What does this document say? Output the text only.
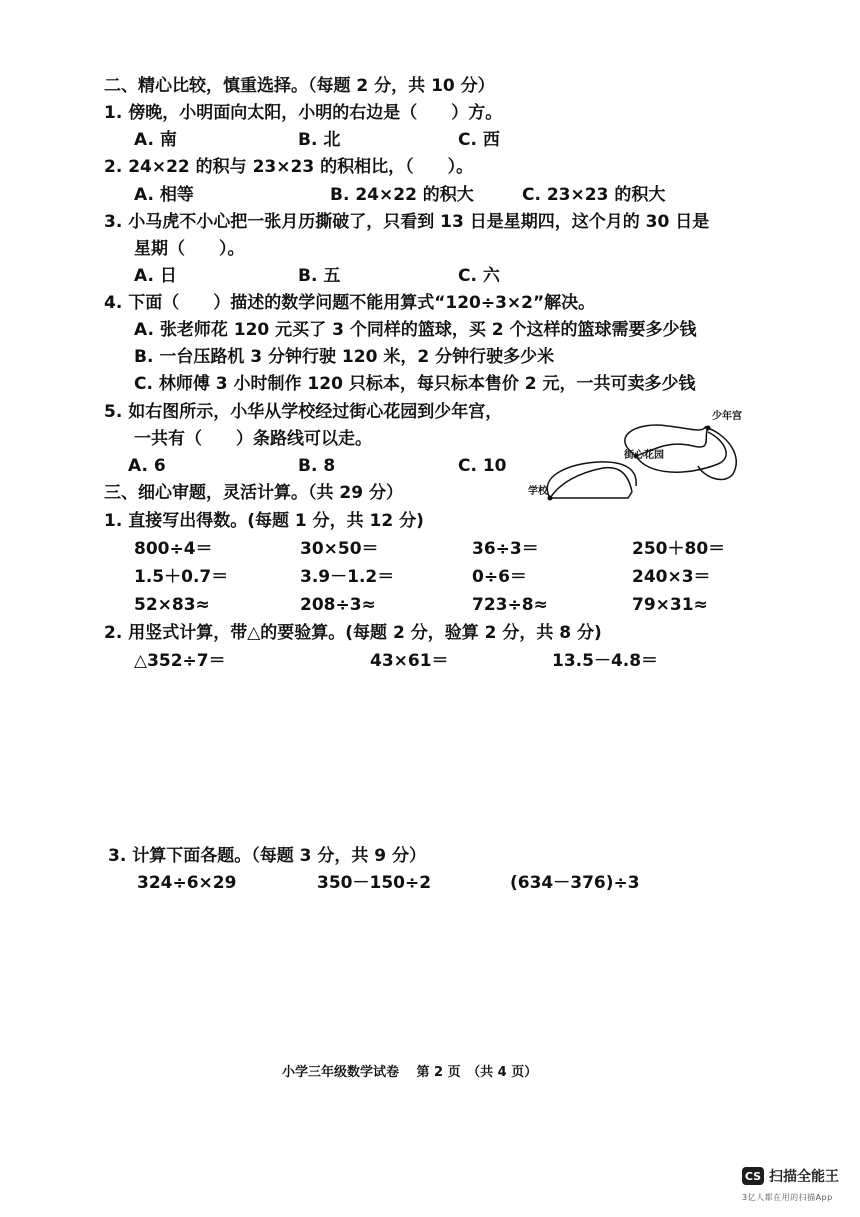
二、精心比较，慎重选择。（每题 2 分，共 10 分）
1. 傍晚，小明面向太阳，小明的右边是（　　）方。
A. 南	B. 北	C. 西
2. 24×22 的积与 23×23 的积相比，（　　）。
A. 相等	B. 24×22 的积大	C. 23×23 的积大
3. 小马虎不小心把一张月历撕破了，只看到 13 日是星期四，这个月的 30 日是
星期（　　）。
A. 日	B. 五	C. 六
4. 下面（　　）描述的数学问题不能用算式“120÷3×2”解决。
A. 张老师花 120 元买了 3 个同样的篮球，买 2 个这样的篮球需要多少钱
B. 一台压路机 3 分钟行驶 120 米，2 分钟行驶多少米
C. 林师傅 3 小时制作 120 只标本，每只标本售价 2 元，一共可卖多少钱
5. 如右图所示，小华从学校经过街心花园到少年宫，
一共有（　　）条路线可以走。
A. 6	B. 8	C. 10
学校
街心花园
少年宫
三、细心审题，灵活计算。（共 29 分）
1. 直接写出得数。(每题 1 分，共 12 分)
800÷4＝	30×50＝	36÷3＝	250＋80＝
1.5＋0.7＝	3.9－1.2＝	0÷6＝	240×3＝
52×83≈	208÷3≈	723÷8≈	79×31≈
2. 用竖式计算，带△的要验算。(每题 2 分，验算 2 分，共 8 分)
△352÷7＝	43×61＝	13.5－4.8＝
3. 计算下面各题。（每题 3 分，共 9 分）
324÷6×29	350－150÷2	(634－376)÷3
小学三年级数学试卷　 第 2 页　（共 4 页）
CS 扫描全能王
3亿人都在用的扫描App
